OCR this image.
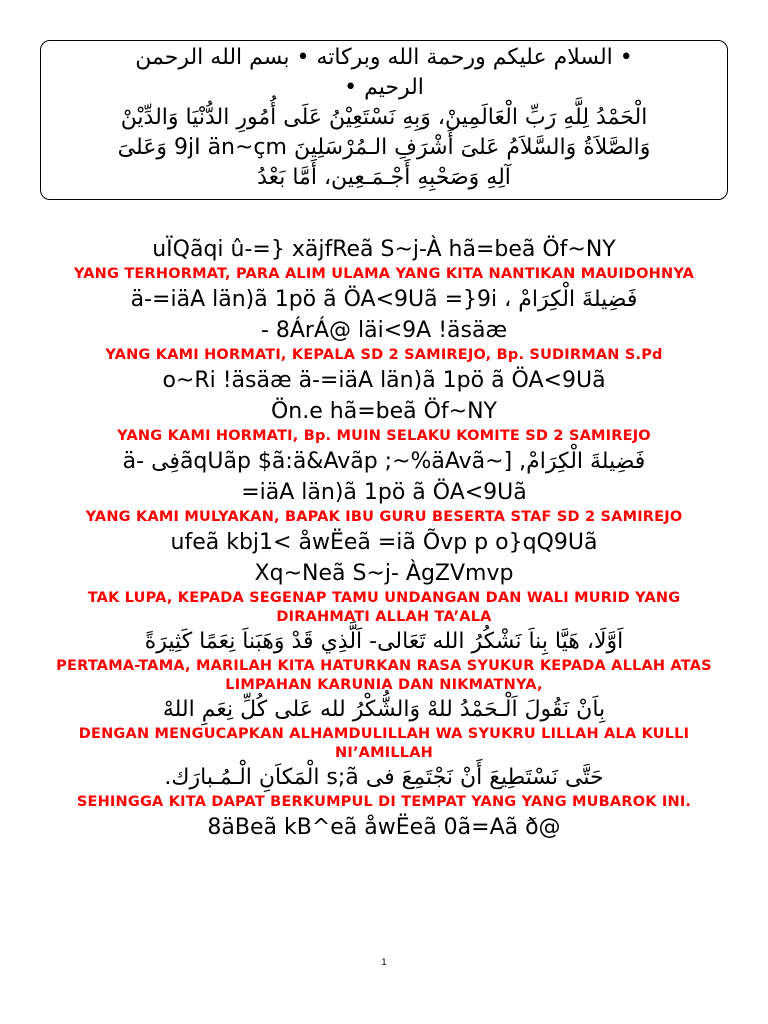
• السلام عليكم ورحمة الله وبركاته • بسم الله الرحمن

الرحيم •

الْحَمْدُ لِلَّهِ رَبِّ الْعَالَمِينْ، وَبِهِ نَسْتَعِيْنُ عَلَى أُمُورِ الدُّنْيَا وَالدِّيْنْ

وَالصَّلاَةُ وَالسَّلاَمُ عَلىَ أَشْرَفِ الـمُرْسَلِينَ 9jI än~çm وَعَلىَ

آلِهِ وَصَحْبِهِ أَجْـمَـعِين، أَمَّا بَعْدُ

uÏQãqi û-=} xäjfReã S~j-À hã=beã Öf~NY

YANG TERHORMAT, PARA ALIM ULAMA YANG KITA NANTIKAN MAUIDOHNYA

ä-=iäA län)ã 1pö ã ÖA<9Uã =}9i ، فَضِيلةَ الْكِرَامْ

- 8ÁrÁ@ läi<9A !äsäæ

YANG KAMI HORMATI, KEPALA SD 2 SAMIREJO, Bp. SUDIRMAN S.Pd

o~Ri !äsäæ ä-=iäA län)ã 1pö ã ÖA<9Uã

Ön.e hã=beã Öf~NY

YANG KAMI HORMATI, Bp. MUIN SELAKU KOMITE SD 2 SAMIREJO

ä- فِىãqUãp $ã:ä&Avãp ;~%äAvã~] ,فَضِيلةَ الْكِرَامْ

=iäA län)ã 1pö ã ÖA<9Uã

YANG KAMI MULYAKAN, BAPAK IBU GURU BESERTA STAF SD 2 SAMIREJO

ufeã kbj1< åwËeã =iã Õvp p o}qQ9Uã

Xq~Neã S~j- ÀgZVmvp

TAK LUPA, KEPADA SEGENAP TAMU UNDANGAN DAN WALI MURID YANG DIRAHMATI ALLAH TA’ALA

اَوَّلَا، هَيَّا بِناَ نَشْكُرُ الله تَعَالى- اَلَّذِي قَدْ وَهَبَناَ نِعَمًا كَثِيرَةً

PERTAMA-TAMA, MARILAH KITA HATURKAN RASA SYUKUR KEPADA ALLAH ATAS LIMPAHAN KARUNIA DAN NIKMATNYA,

بِاَنْ نَقُولَ اَلْـحَمْدُ للهْ وَالشُّكْرُ لله عَلى كُلِّ نِعَمِ اللهْ

DENGAN MENGUCAPKAN ALHAMDULILLAH WA SYUKRU LILLAH ALA KULLI NI’AMILLAH

حَتَّى نَسْتَطِيعَ أَنْ نَجْتَمِعَ فى s;ã الْمَكاَنِ الْـمُـبارَك.

SEHINGGA KITA DAPAT BERKUMPUL DI TEMPAT YANG YANG MUBAROK INI.

8äBeã kB^eã åwËeã 0ã=Aã ð@

1
